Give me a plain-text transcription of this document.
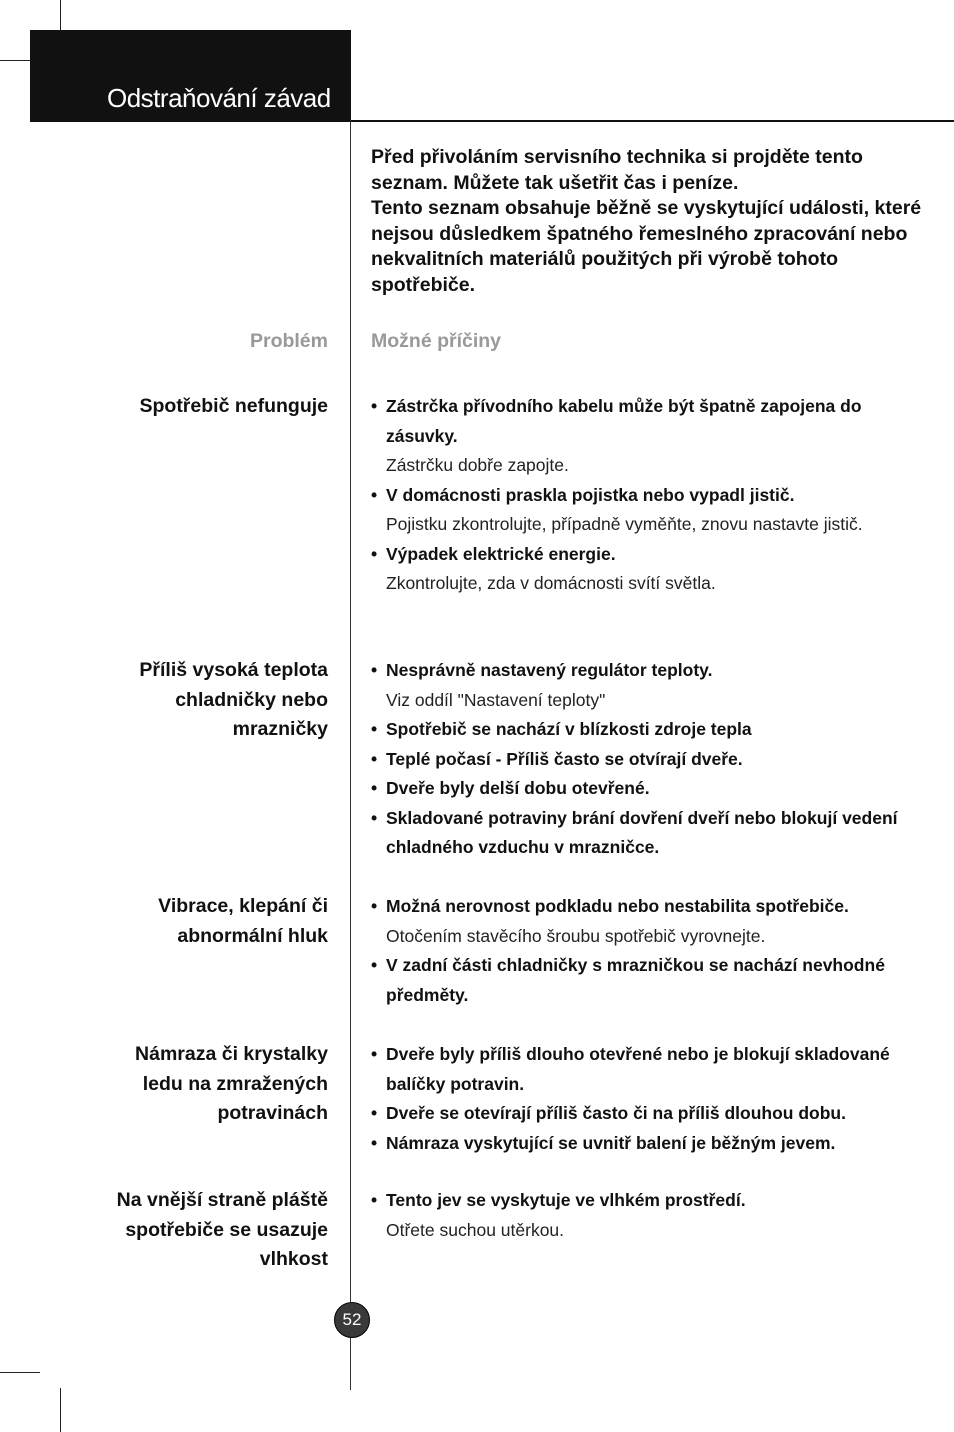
Odstraňování závad

Před přivoláním servisního technika si projděte tento seznam. Můžete tak ušetřit čas i peníze.

Tento seznam obsahuje běžně se vyskytující události, které nejsou důsledkem špatného řemeslného zpracování nebo nekvalitních materiálů použitých při výrobě tohoto spotřebiče.

Problém Možné příčiny
Spotřebič nefunguje • Zástrčka přívodního kabelu může být špatně zapojena do zásuvky.
Zástrčku dobře zapojte.
• V domácnosti praskla pojistka nebo vypadl jistič.
Pojistku zkontrolujte, případně vyměňte, znovu nastavte jistič.
• Výpadek elektrické energie.
Zkontrolujte, zda v domácnosti svítí světla.
Příliš vysoká teplota chladničky nebo mrazničky
• Nesprávně nastavený regulátor teploty.
Viz oddíl "Nastavení teploty"
• Spotřebič se nachází v blízkosti zdroje tepla
• Teplé počasí - Příliš často se otvírají dveře.
• Dveře byly delší dobu otevřené.
• Skladované potraviny brání dovření dveří nebo blokují vedení chladného vzduchu v mrazničce.
Vibrace, klepání či abnormální hluk
• Možná nerovnost podkladu nebo nestabilita spotřebiče.
Otočením stavěcího šroubu spotřebič vyrovnejte.
• V zadní části chladničky s mrazničkou se nachází nevhodné předměty.
Námraza či krystalky ledu na zmražených potravinách
• Dveře byly příliš dlouho otevřené nebo je blokují skladované balíčky potravin.
• Dveře se otevírají příliš často či na příliš dlouhou dobu.
• Námraza vyskytující se uvnitř balení je běžným jevem.
Na vnější straně pláště spotřebiče se usazuje vlhkost
• Tento jev se vyskytuje ve vlhkém prostředí.
Otřete suchou utěrkou.
52
